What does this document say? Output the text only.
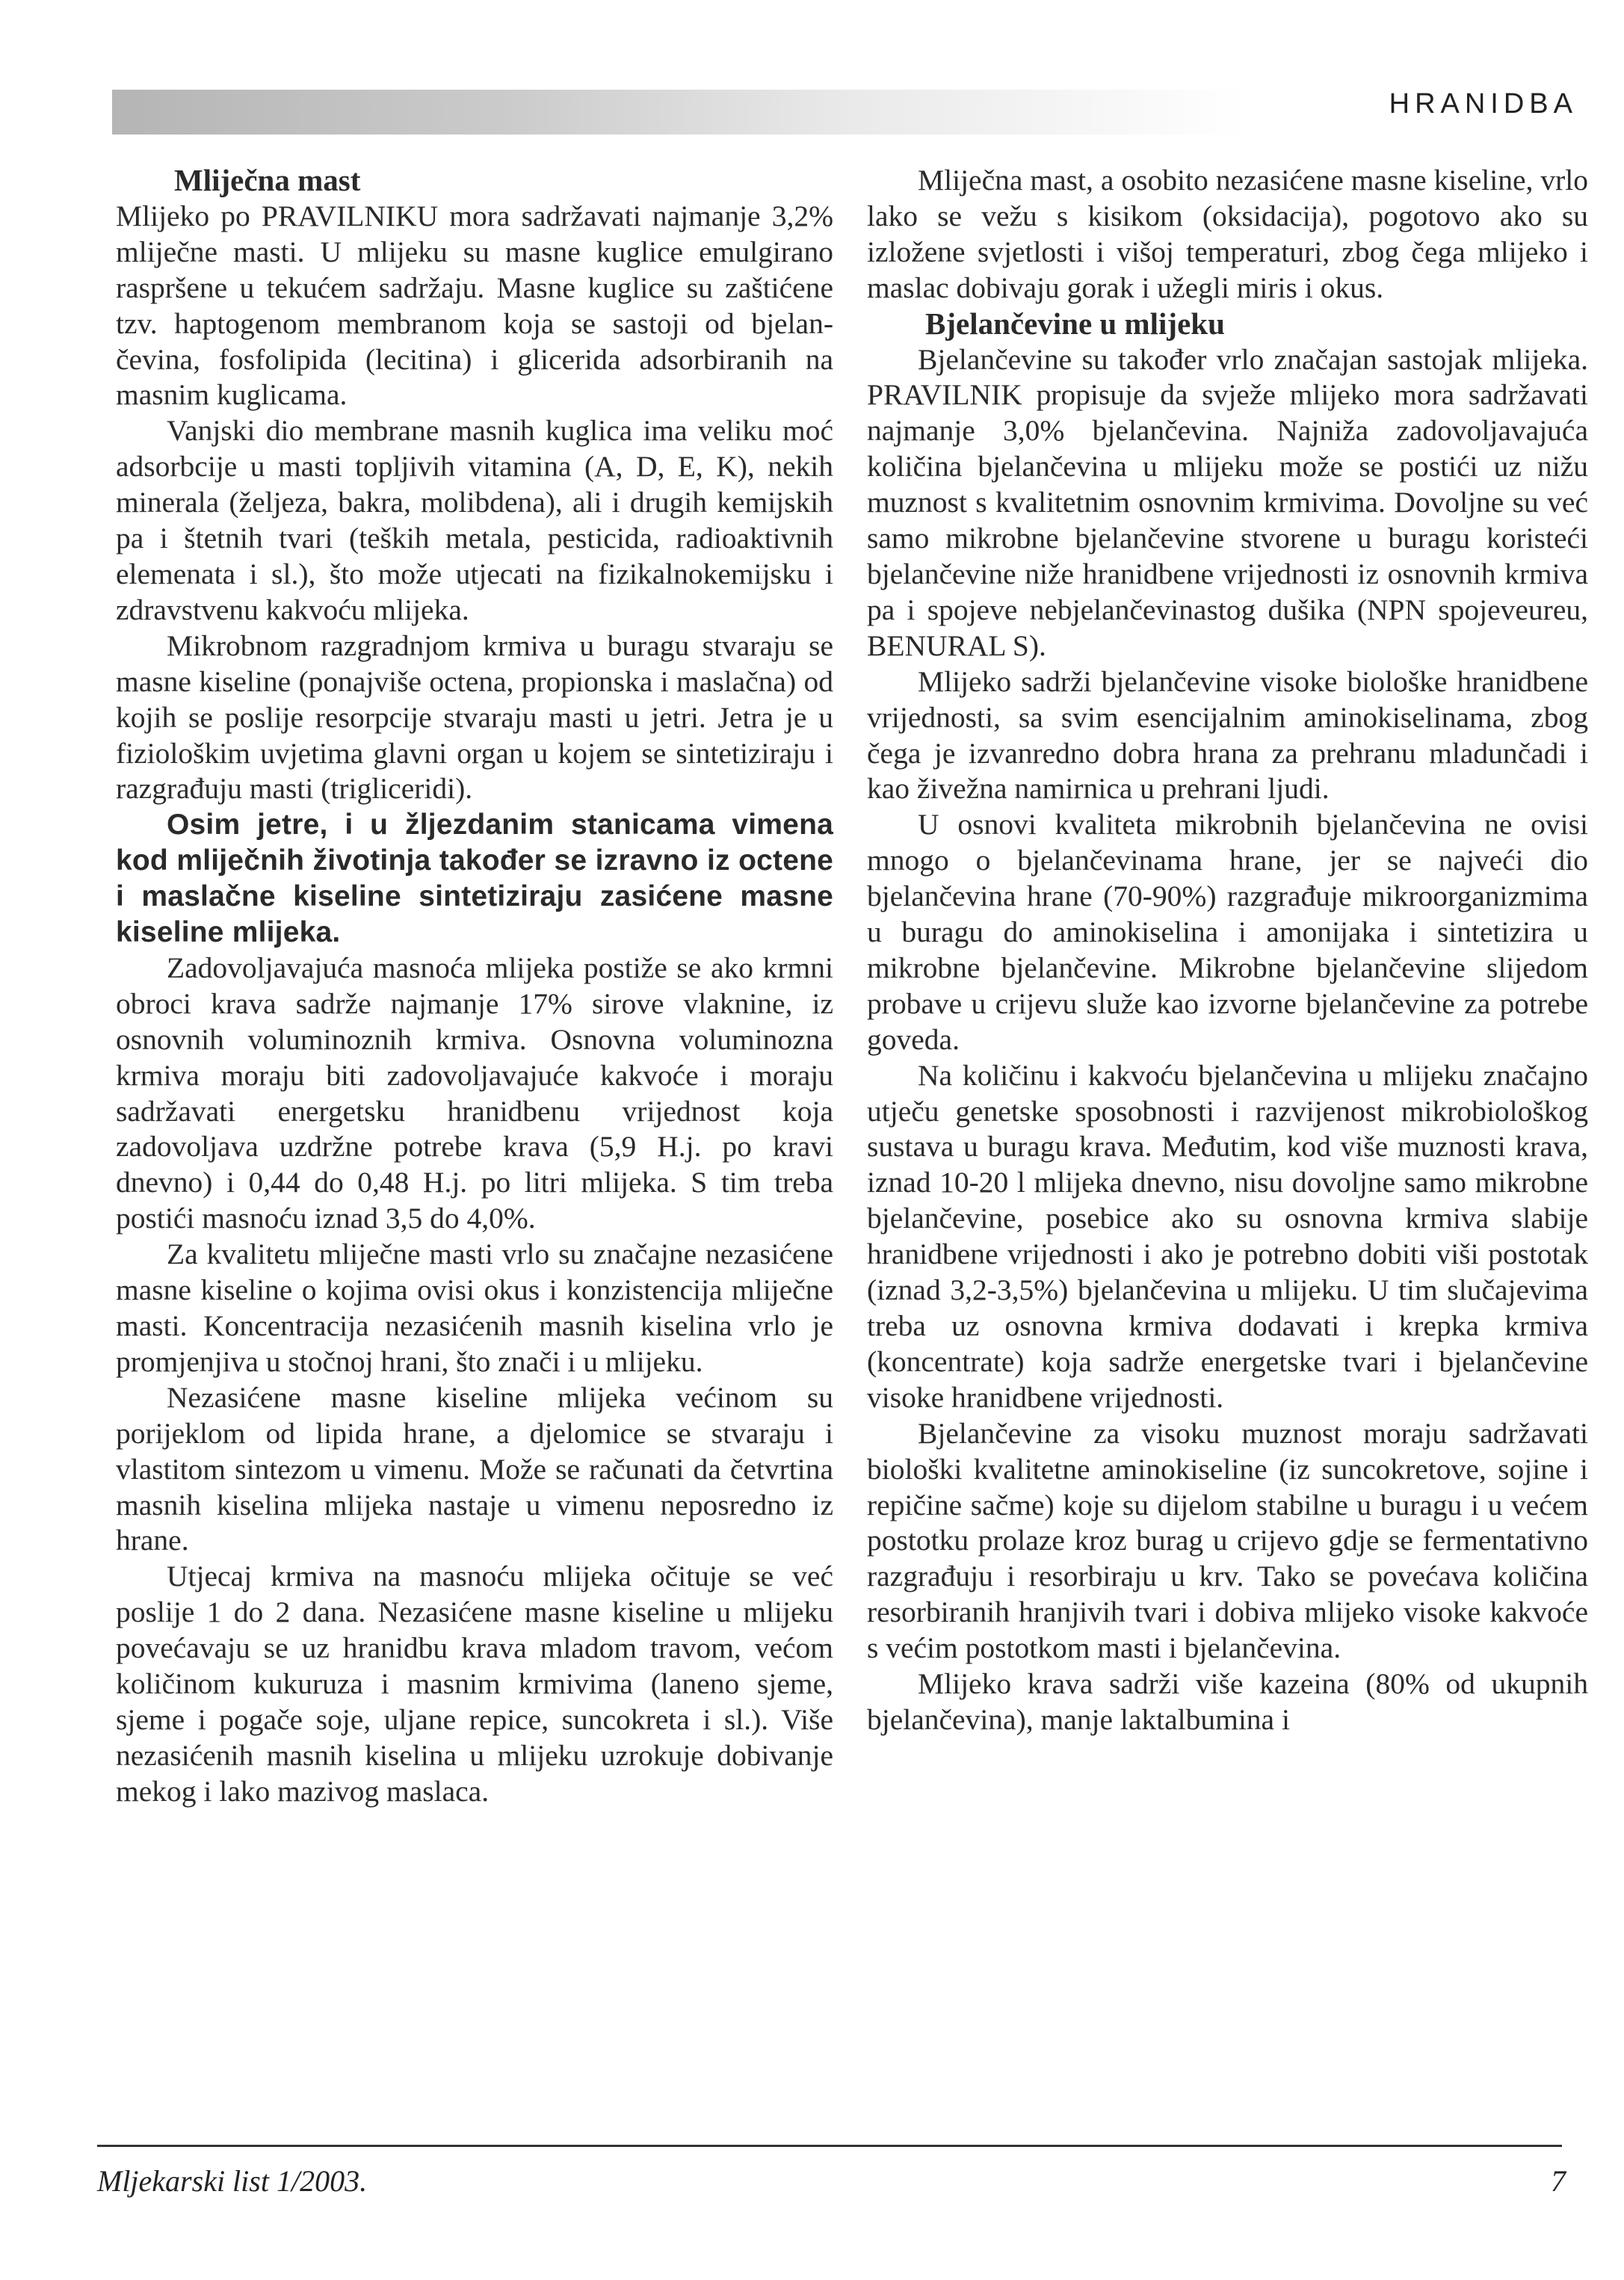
HRANIDBA
Mliječna mast

Mlijeko po PRAVILNIKU mora sadržavati najmanje 3,2% mliječne masti. U mlijeku su masne kuglice emulgirano raspršene u tekućem sadržaju. Masne kuglice su zaštićene tzv. haptogenom membranom koja se sastoji od bjelančevina, fosfolipida (lecitina) i glicerida adsorbiranih na masnim kuglicama.

Vanjski dio membrane masnih kuglica ima veliku moć adsorbcije u masti topljivih vitamina (A, D, E, K), nekih minerala (željeza, bakra, molibdena), ali i drugih kemijskih pa i štetnih tvari (teških metala, pesticida, radioaktivnih elemenata i sl.), što može utjecati na fizikalnokemijsku i zdravstvenu kakvoću mlijeka.

Mikrobnom razgradnjom krmiva u buragu stvaraju se masne kiseline (ponajviše octena, propionska i maslačna) od kojih se poslije resorpcije stvaraju masti u jetri. Jetra je u fiziološkim uvjetima glavni organ u kojem se sintetiziraju i razgrađuju masti (trigliceridi).

Osim jetre, i u žljezdanim stanicama vimena kod mliječnih životinja također se izravno iz octene i maslačne kiseline sintetiziraju zasićene masne kiseline mlijeka.

Zadovoljavajuća masnoća mlijeka postiže se ako krmni obroci krava sadrže najmanje 17% sirove vlaknine, iz osnovnih voluminoznih krmiva. Osnovna voluminozna krmiva moraju biti zadovoljavajuće kakvoće i moraju sadržavati energetsku hranidbenu vrijednost koja zadovoljava uzdržne potrebe krava (5,9 H.j. po kravi dnevno) i 0,44 do 0,48 H.j. po litri mlijeka. S tim treba postići masnoću iznad 3,5 do 4,0%.

Za kvalitetu mliječne masti vrlo su značajne nezasićene masne kiseline o kojima ovisi okus i konzistencija mliječne masti. Koncentracija nezasićenih masnih kiselina vrlo je promjenjiva u stočnoj hrani, što znači i u mlijeku.

Nezasićene masne kiseline mlijeka većinom su porijeklom od lipida hrane, a djelomice se stvaraju i vlastitom sintezom u vimenu. Može se računati da četvrtina masnih kiselina mlijeka nastaje u vimenu neposredno iz hrane.

Utjecaj krmiva na masnoću mlijeka očituje se već poslije 1 do 2 dana. Nezasićene masne kiseline u mlijeku povećavaju se uz hranidbu krava mladom travom, većom količinom kukuruza i masnim krmivima (laneno sjeme, sjeme i pogače soje, uljane repice, suncokreta i sl.). Više nezasićenih masnih kiselina u mlijeku uzrokuje dobivanje mekog i lako mazivog maslaca.

Mliječna mast, a osobito nezasićene masne kiseline, vrlo lako se vežu s kisikom (oksidacija), pogotovo ako su izložene svjetlosti i višoj temperaturi, zbog čega mlijeko i maslac dobivaju gorak i užegli miris i okus.

Bjelančevine u mlijeku

Bjelančevine su također vrlo značajan sastojak mlijeka. PRAVILNIK propisuje da svježe mlijeko mora sadržavati najmanje 3,0% bjelančevina. Najniža zadovoljavajuća količina bjelančevina u mlijeku može se postići uz nižu muznost s kvalitetnim osnovnim krmivima. Dovoljne su već samo mikrobne bjelančevine stvorene u buragu koristeći bjelančevine niže hranidbene vrijednosti iz osnovnih krmiva pa i spojeve nebjelančevinastog dušika (NPN spojeveureu, BENURAL S).

Mlijeko sadrži bjelančevine visoke biološke hranidbene vrijednosti, sa svim esencijalnim aminokiselinama, zbog čega je izvanredno dobra hrana za prehranu mladunčadi i kao živežna namirnica u prehrani ljudi.

U osnovi kvaliteta mikrobnih bjelančevina ne ovisi mnogo o bjelančevinama hrane, jer se najveći dio bjelančevina hrane (70-90%) razgrađuje mikroorganizmima u buragu do aminokiselina i amonijaka i sintetizira u mikrobne bjelančevine. Mikrobne bjelančevine slijedom probave u crijevu služe kao izvorne bjelančevine za potrebe goveda.

Na količinu i kakvoću bjelančevina u mlijeku značajno utječu genetske sposobnosti i razvijenost mikrobiološkog sustava u buragu krava. Međutim, kod više muznosti krava, iznad 10-20 l mlijeka dnevno, nisu dovoljne samo mikrobne bjelančevine, posebice ako su osnovna krmiva slabije hranidbene vrijednosti i ako je potrebno dobiti viši postotak (iznad 3,2-3,5%) bjelančevina u mlijeku. U tim slučajevima treba uz osnovna krmiva dodavati i krepka krmiva (koncentrate) koja sadrže energetske tvari i bjelančevine visoke hranidbene vrijednosti.

Bjelančevine za visoku muznost moraju sadržavati biološki kvalitetne aminokiseline (iz suncokretove, sojine i repičine sačme) koje su dijelom stabilne u buragu i u većem postotku prolaze kroz burag u crijevo gdje se fermentativno razgrađuju i resorbiraju u krv. Tako se povećava količina resorbiranih hranjivih tvari i dobiva mlijeko visoke kakvoće s većim postotkom masti i bjelančevina.

Mlijeko krava sadrži više kazeina (80% od ukupnih bjelančevina), manje laktalbumina i

Mljekarski list 1/2003.	7
